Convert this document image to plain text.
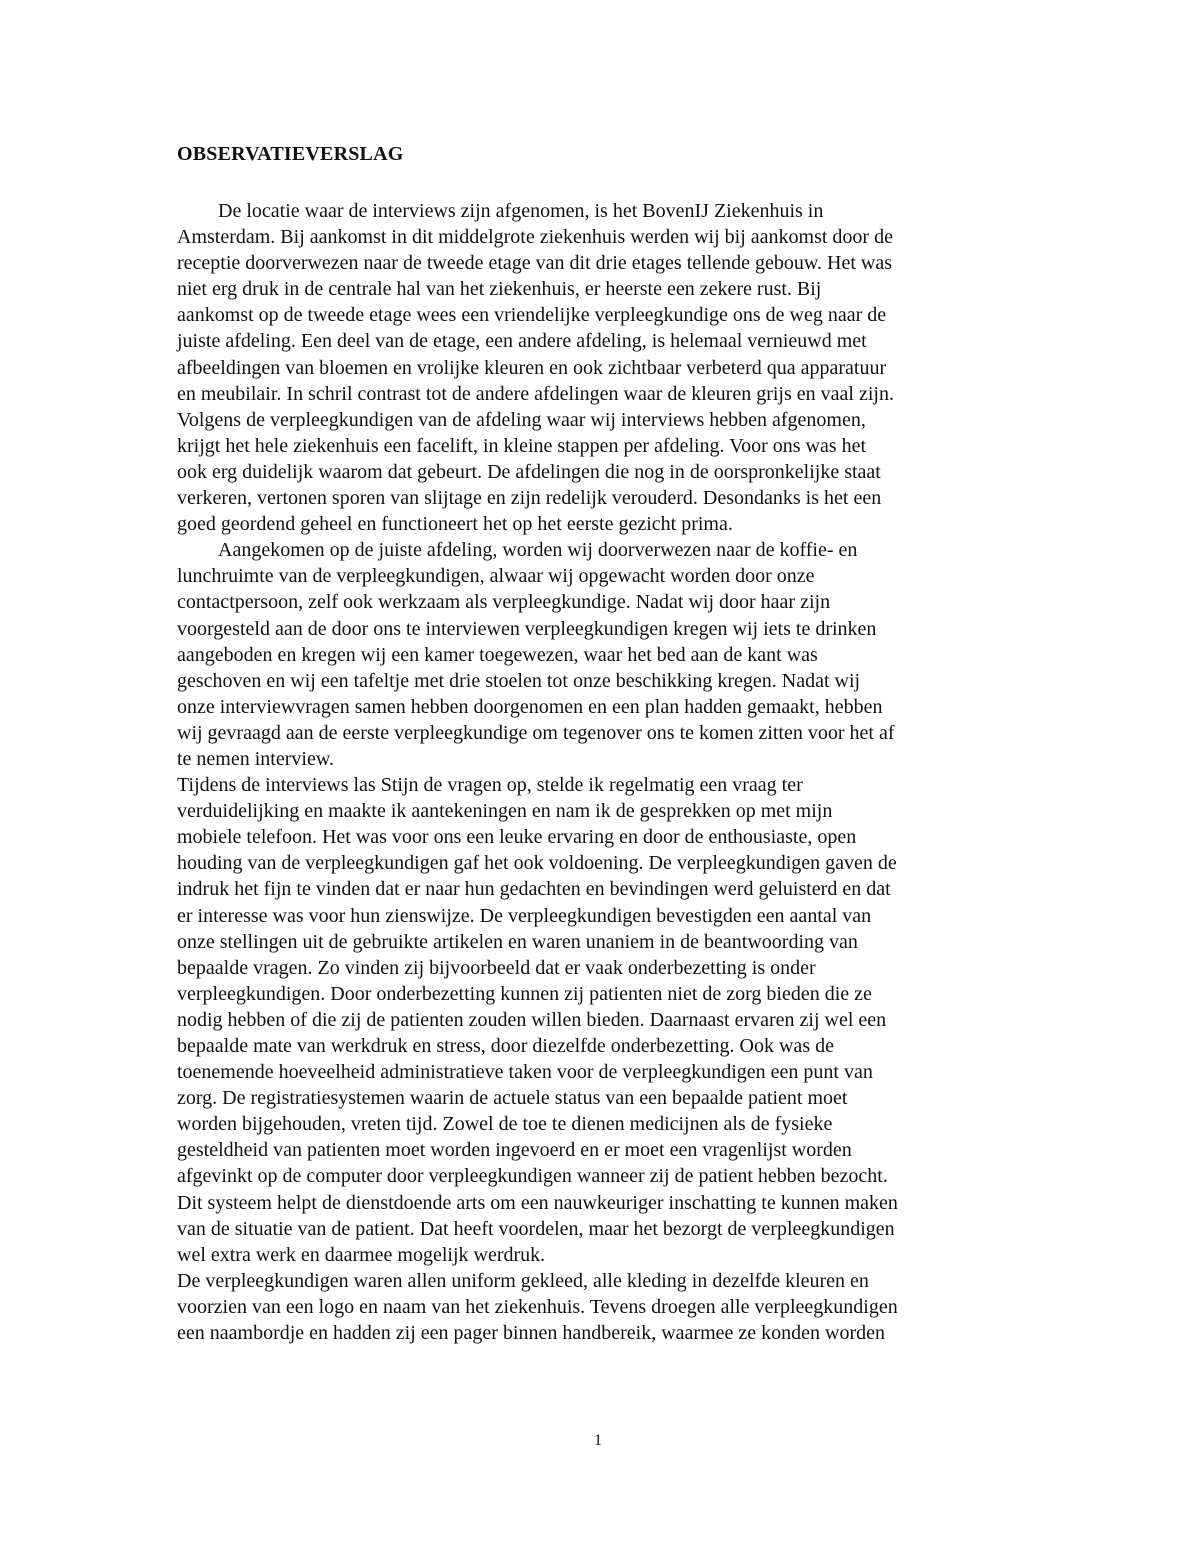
OBSERVATIEVERSLAG
De locatie waar de interviews zijn afgenomen, is het BovenIJ Ziekenhuis in
Amsterdam. Bij aankomst in dit middelgrote ziekenhuis werden wij bij aankomst door de
receptie doorverwezen naar de tweede etage van dit drie etages tellende gebouw. Het was
niet erg druk in de centrale hal van het ziekenhuis, er heerste een zekere rust. Bij
aankomst op de tweede etage wees een vriendelijke verpleegkundige ons de weg naar de
juiste afdeling. Een deel van de etage, een andere afdeling, is helemaal vernieuwd met
afbeeldingen van bloemen en vrolijke kleuren en ook zichtbaar verbeterd qua apparatuur
en meubilair. In schril contrast tot de andere afdelingen waar de kleuren grijs en vaal zijn.
Volgens de verpleegkundigen van de afdeling waar wij interviews hebben afgenomen,
krijgt het hele ziekenhuis een facelift, in kleine stappen per afdeling. Voor ons was het
ook erg duidelijk waarom dat gebeurt. De afdelingen die nog in de oorspronkelijke staat
verkeren, vertonen sporen van slijtage en zijn redelijk verouderd. Desondanks is het een
goed geordend geheel en functioneert het op het eerste gezicht prima.
Aangekomen op de juiste afdeling, worden wij doorverwezen naar de koffie- en
lunchruimte van de verpleegkundigen, alwaar wij opgewacht worden door onze
contactpersoon, zelf ook werkzaam als verpleegkundige. Nadat wij door haar zijn
voorgesteld aan de door ons te interviewen verpleegkundigen kregen wij iets te drinken
aangeboden en kregen wij een kamer toegewezen, waar het bed aan de kant was
geschoven en wij een tafeltje met drie stoelen tot onze beschikking kregen. Nadat wij
onze interviewvragen samen hebben doorgenomen en een plan hadden gemaakt, hebben
wij gevraagd aan de eerste verpleegkundige om tegenover ons te komen zitten voor het af
te nemen interview.
Tijdens de interviews las Stijn de vragen op, stelde ik regelmatig een vraag ter
verduidelijking en maakte ik aantekeningen en nam ik de gesprekken op met mijn
mobiele telefoon. Het was voor ons een leuke ervaring en door de enthousiaste, open
houding van de verpleegkundigen gaf het ook voldoening. De verpleegkundigen gaven de
indruk het fijn te vinden dat er naar hun gedachten en bevindingen werd geluisterd en dat
er interesse was voor hun zienswijze. De verpleegkundigen bevestigden een aantal van
onze stellingen uit de gebruikte artikelen en waren unaniem in de beantwoording van
bepaalde vragen. Zo vinden zij bijvoorbeeld dat er vaak onderbezetting is onder
verpleegkundigen. Door onderbezetting kunnen zij patienten niet de zorg bieden die ze
nodig hebben of die zij de patienten zouden willen bieden. Daarnaast ervaren zij wel een
bepaalde mate van werkdruk en stress, door diezelfde onderbezetting. Ook was de
toenemende hoeveelheid administratieve taken voor de verpleegkundigen een punt van
zorg. De registratiesystemen waarin de actuele status van een bepaalde patient moet
worden bijgehouden, vreten tijd. Zowel de toe te dienen medicijnen als de fysieke
gesteldheid van patienten moet worden ingevoerd en er moet een vragenlijst worden
afgevinkt op de computer door verpleegkundigen wanneer zij de patient hebben bezocht.
Dit systeem helpt de dienstdoende arts om een nauwkeuriger inschatting te kunnen maken
van de situatie van de patient. Dat heeft voordelen, maar het bezorgt de verpleegkundigen
wel extra werk en daarmee mogelijk werdruk.
De verpleegkundigen waren allen uniform gekleed, alle kleding in dezelfde kleuren en
voorzien van een logo en naam van het ziekenhuis. Tevens droegen alle verpleegkundigen
een naambordje en hadden zij een pager binnen handbereik, waarmee ze konden worden
1
